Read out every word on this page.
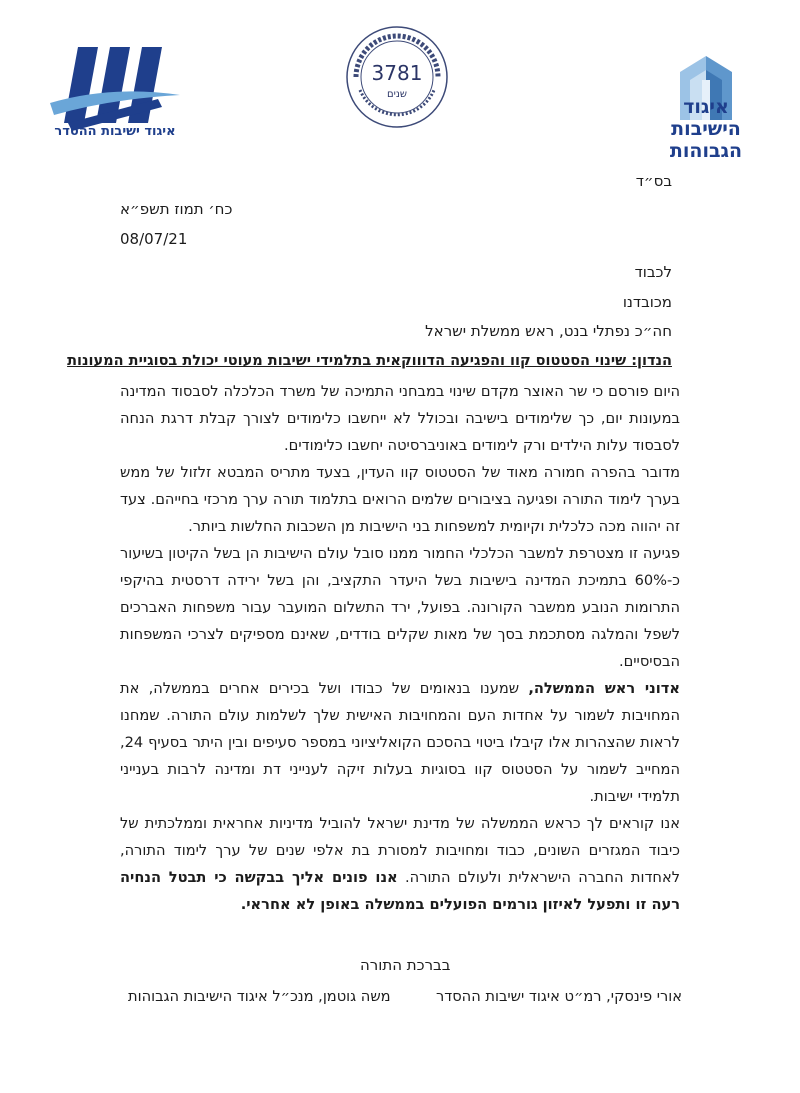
איגוד ישיבות ההסדר
3781
שנים
איגוד
הישיבות
הגבוהות
בס״ד
כח׳ תמוז תשפ״א
08/07/21
לכבוד
מכובדנו
חה״כ נפתלי בנט, ראש ממשלת ישראל
הנדון: שינוי הסטטוס קוו והפגיעה הדוווקאית בתלמידי ישיבות מעוטי יכולת בסוגיית המעונות

היום פורסם כי שר האוצר מקדם שינוי במבחני התמיכה של משרד הכלכלה לסבסוד המדינה במעונות יום, כך שלימודים בישיבה ובכולל לא ייחשבו כלימודים לצורך קבלת דרגת הנחה לסבסוד עלות הילדים ורק לימודים באוניברסיטה יחשבו כלימודים.

מדובר בהפרה חמורה מאוד של הסטטוס קוו העדין, בצעד מתריס המבטא זלזול של ממש בערך לימוד התורה ופגיעה בציבורים שלמים הרואים בתלמוד תורה ערך מרכזי בחייהם. צעד זה יהווה מכה כלכלית וקיומית למשפחות בני הישיבות מן השכבות החלשות ביותר.

פגיעה זו מצטרפת למשבר הכלכלי החמור ממנו סובל עולם הישיבות הן בשל הקיטון בשיעור כ-60% בתמיכת המדינה בישיבות בשל היעדר התקציב, והן בשל ירידה דרסטית בהיקפי התרומות הנובע ממשבר הקורונה. בפועל, ירד התשלום המועבר עבור משפחות האברכים לשפל והמלגה מסתכמת בסך של מאות שקלים בודדים, שאינם מספיקים לצרכי המשפחות הבסיסיים.

אדוני ראש הממשלה, שמענו בנאומים של כבודו ושל בכירים אחרים בממשלה, את המחויבות לשמור על אחדות העם והמחויבות האישית שלך לשלמות עולם התורה. שמחנו לראות שהצהרות אלו קיבלו ביטוי בהסכם הקואליציוני במספר סעיפים ובין היתר בסעיף 24, המחייב לשמור על הסטטוס קוו בסוגיות בעלות זיקה לענייני דת ומדינה לרבות בענייני תלמידי ישיבות.

אנו קוראים לך כראש הממשלה של מדינת ישראל להוביל מדיניות אחראית וממלכתית של כיבוד המגזרים השונים, כבוד ומחויבות למסורת בת אלפי שנים של ערך לימוד התורה, לאחדות החברה הישראלית ולעולם התורה. אנו פונים אליך בבקשה כי תבטל הנחיה רעה זו ותפעל לאיזון גורמים הפועלים בממשלה באופן לא אחראי.

בברכת התורה
אורי פינסקי, רמ״ט איגוד ישיבות ההסדר
משה גוטמן, מנכ״ל איגוד הישיבות הגבוהות
